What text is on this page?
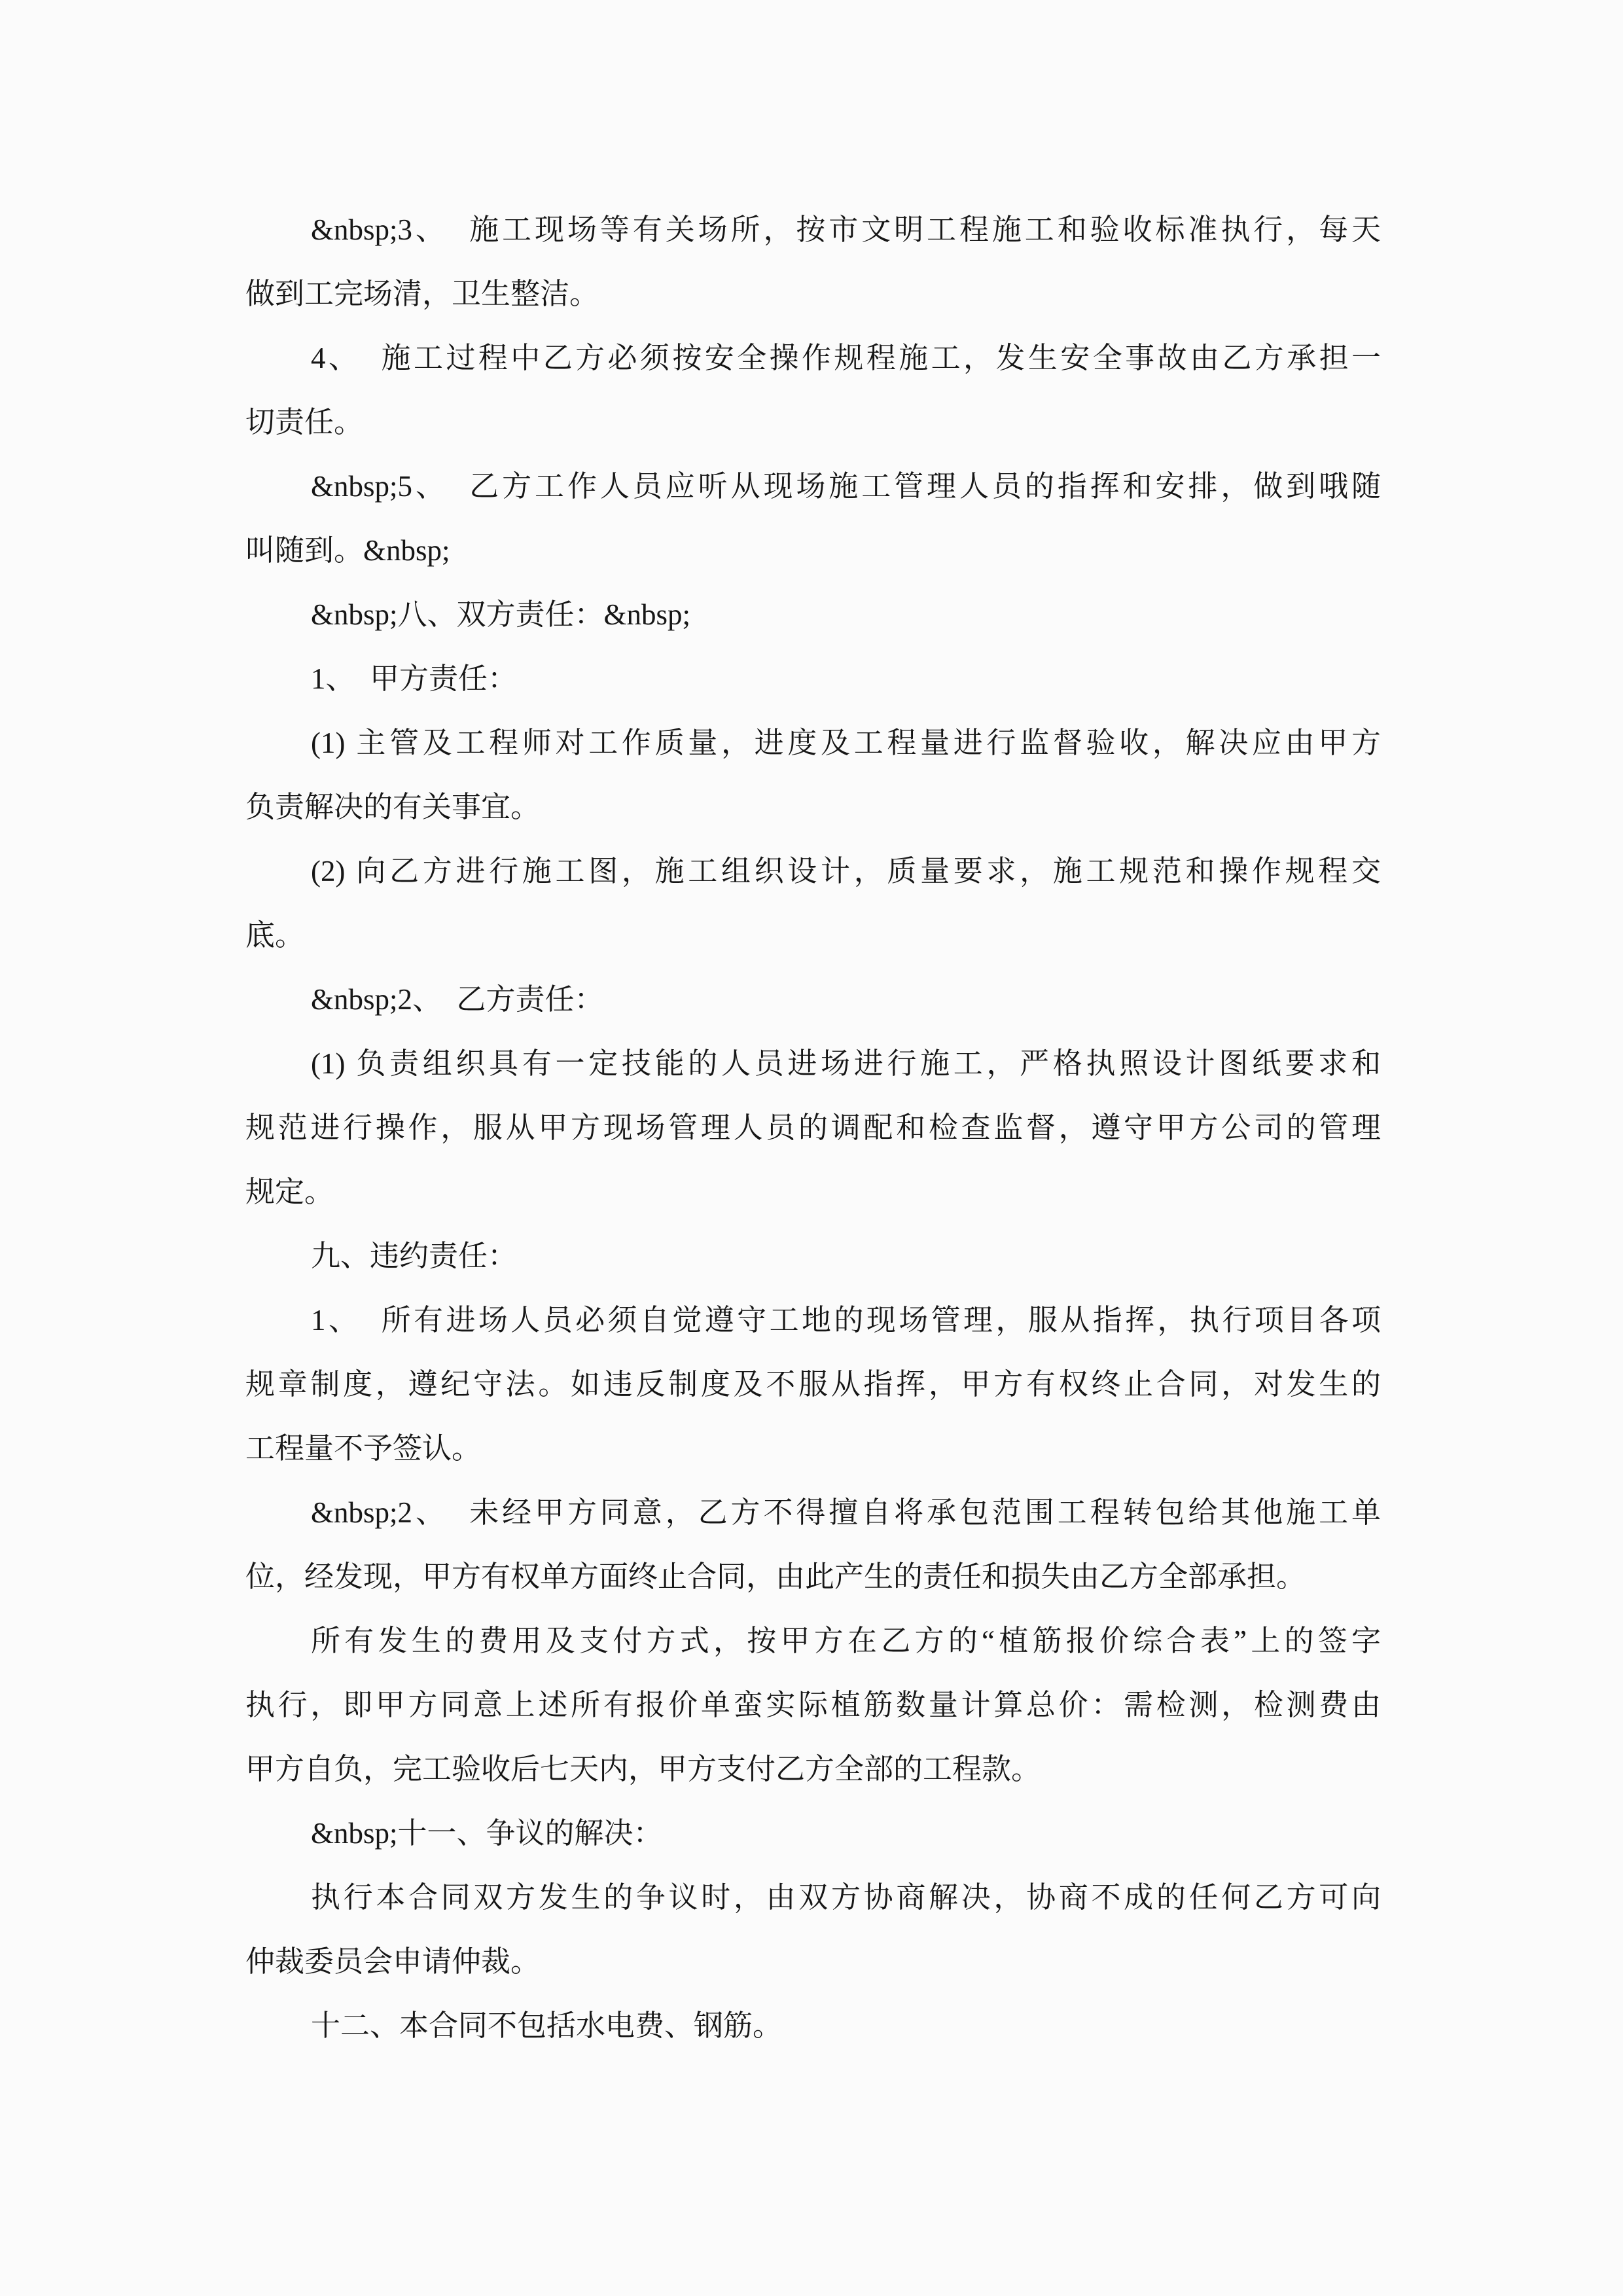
&nbsp;3、  施工现场等有关场所，按市文明工程施工和验收标准执行，每天
做到工完场清，卫生整洁。
4、  施工过程中乙方必须按安全操作规程施工，发生安全事故由乙方承担一
切责任。
&nbsp;5、  乙方工作人员应听从现场施工管理人员的指挥和安排，做到哦随
叫随到。&nbsp;
&nbsp;八、双方责任：&nbsp;
1、  甲方责任：
(1) 主管及工程师对工作质量，进度及工程量进行监督验收，解决应由甲方
负责解决的有关事宜。
(2) 向乙方进行施工图，施工组织设计，质量要求，施工规范和操作规程交
底。
&nbsp;2、  乙方责任：
(1) 负责组织具有一定技能的人员进场进行施工，严格执照设计图纸要求和
规范进行操作，服从甲方现场管理人员的调配和检查监督，遵守甲方公司的管理
规定。
九、违约责任：
1、  所有进场人员必须自觉遵守工地的现场管理，服从指挥，执行项目各项
规章制度，遵纪守法。如违反制度及不服从指挥，甲方有权终止合同，对发生的
工程量不予签认。
&nbsp;2、  未经甲方同意，乙方不得擅自将承包范围工程转包给其他施工单
位，经发现，甲方有权单方面终止合同，由此产生的责任和损失由乙方全部承担。
所有发生的费用及支付方式，按甲方在乙方的“植筋报价综合表”上的签字
执行，即甲方同意上述所有报价单蛮实际植筋数量计算总价：需检测，检测费由
甲方自负，完工验收后七天内，甲方支付乙方全部的工程款。
&nbsp;十一、争议的解决：
执行本合同双方发生的争议时，由双方协商解决，协商不成的任何乙方可向
仲裁委员会申请仲裁。
十二、本合同不包括水电费、钢筋。
